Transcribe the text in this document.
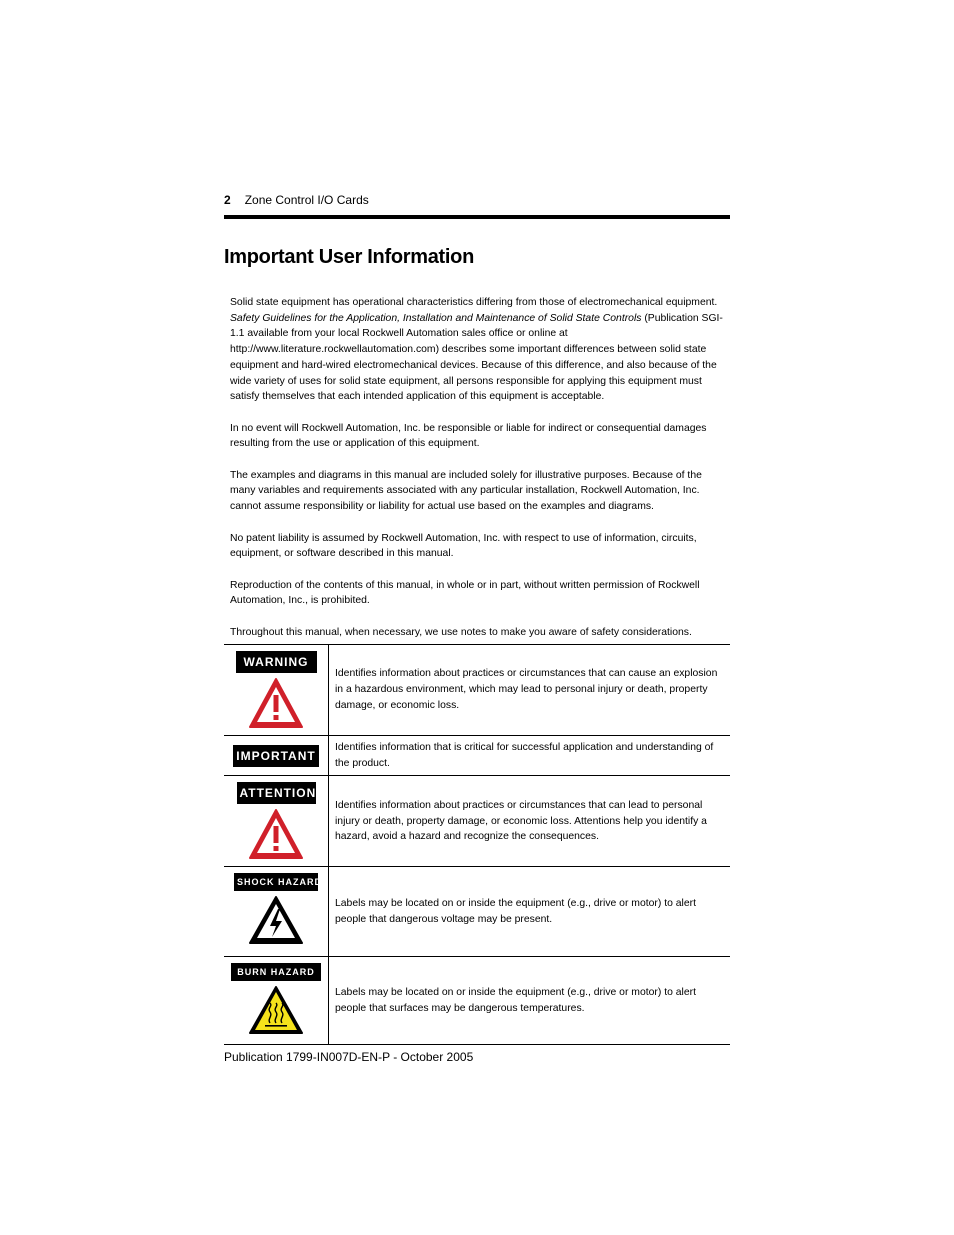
2 Zone Control I/O Cards
Important User Information

Solid state equipment has operational characteristics differing from those of electromechanical equipment. Safety Guidelines for the Application, Installation and Maintenance of Solid State Controls (Publication SGI-1.1 available from your local Rockwell Automation sales office or online at http://www.literature.rockwellautomation.com) describes some important differences between solid state equipment and hard-wired electromechanical devices. Because of this difference, and also because of the wide variety of uses for solid state equipment, all persons responsible for applying this equipment must satisfy themselves that each intended application of this equipment is acceptable.

In no event will Rockwell Automation, Inc. be responsible or liable for indirect or consequential damages resulting from the use or application of this equipment.

The examples and diagrams in this manual are included solely for illustrative purposes. Because of the many variables and requirements associated with any particular installation, Rockwell Automation, Inc. cannot assume responsibility or liability for actual use based on the examples and diagrams.

No patent liability is assumed by Rockwell Automation, Inc. with respect to use of information, circuits, equipment, or software described in this manual.

Reproduction of the contents of this manual, in whole or in part, without written permission of Rockwell Automation, Inc., is prohibited.

Throughout this manual, when necessary, we use notes to make you aware of safety considerations.

WARNING	Identifies information about practices or circumstances that can cause an explosion in a hazardous environment, which may lead to personal injury or death, property damage, or economic loss.
IMPORTANT	Identifies information that is critical for successful application and understanding of the product.
ATTENTION	Identifies information about practices or circumstances that can lead to personal injury or death, property damage, or economic loss. Attentions help you identify a hazard, avoid a hazard and recognize the consequences.
SHOCK HAZARD	Labels may be located on or inside the equipment (e.g., drive or motor) to alert people that dangerous voltage may be present.
BURN HAZARD	Labels may be located on or inside the equipment (e.g., drive or motor) to alert people that surfaces may be dangerous temperatures.
Publication 1799-IN007D-EN-P - October 2005
